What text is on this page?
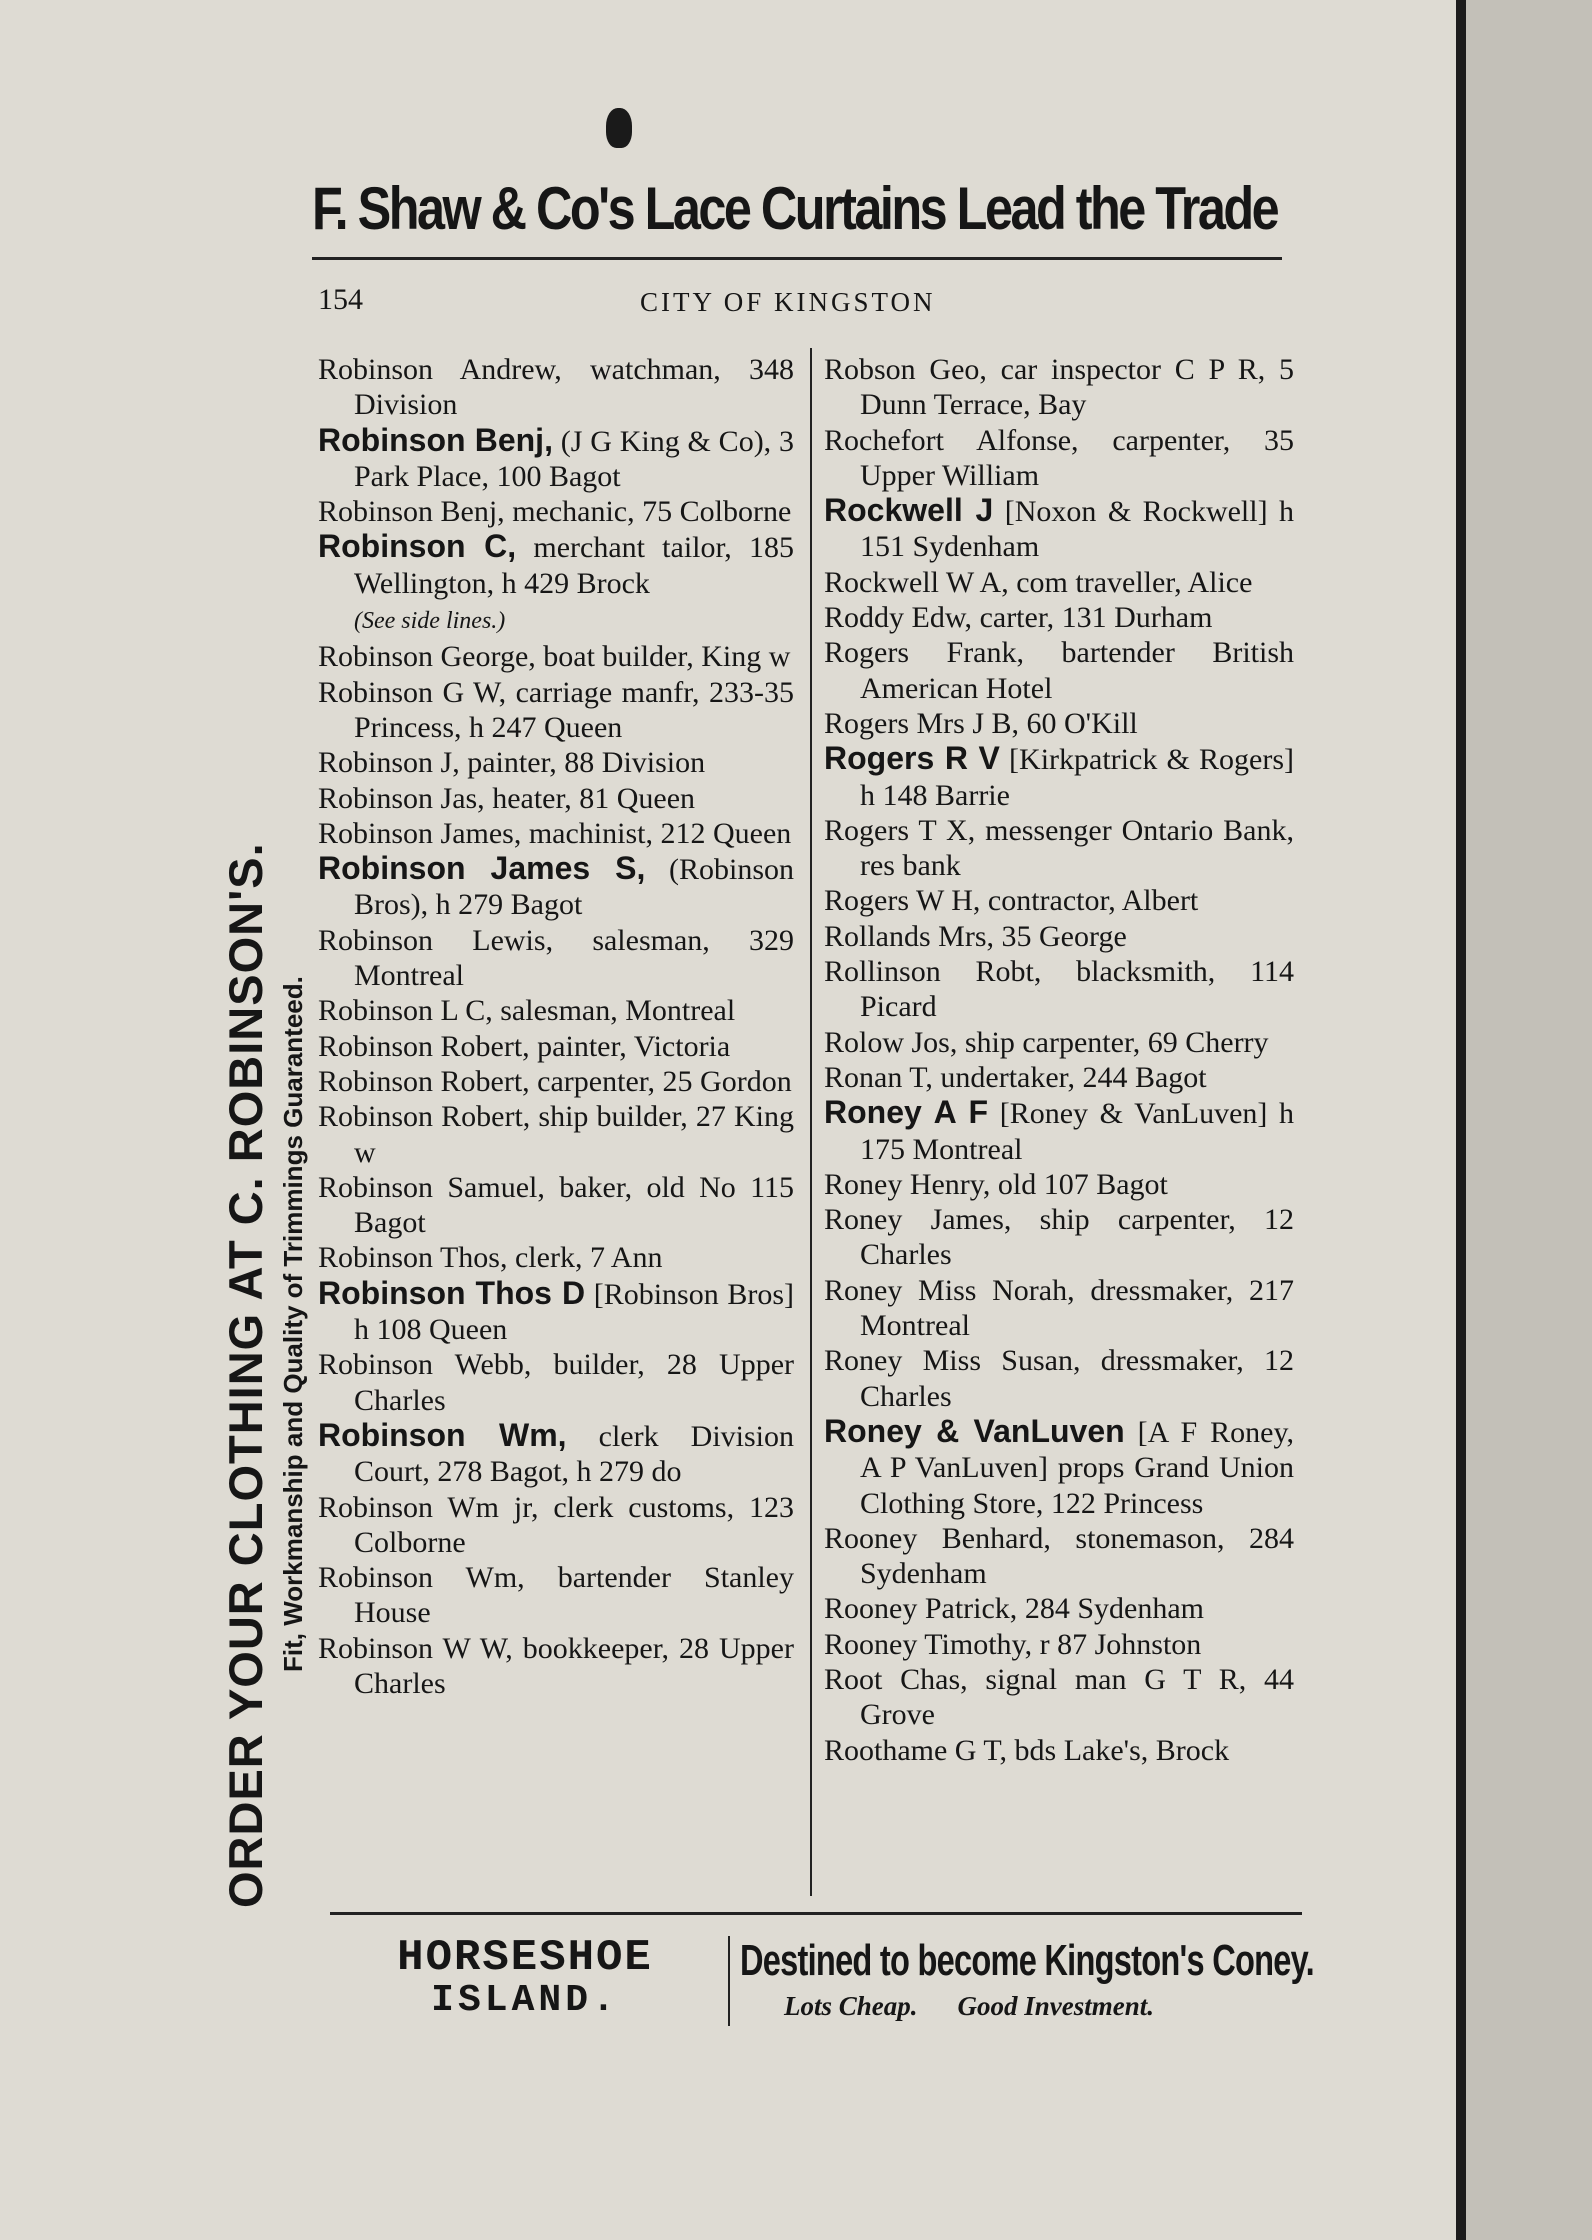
F. Shaw & Co's Lace Curtains Lead the Trade
154	CITY OF KINGSTON
ORDER YOUR CLOTHING AT C. ROBINSON'S. Fit, Workmanship and Quality of Trimmings Guaranteed.
Robinson Andrew, watchman, 348 Division
Robinson Benj, (J G King & Co), 3 Park Place, 100 Bagot
Robinson Benj, mechanic, 75 Colborne
Robinson C, merchant tailor, 185 Wellington, h 429 Brock
(See side lines.)
Robinson George, boat builder, King w
Robinson G W, carriage manfr, 233-35 Princess, h 247 Queen
Robinson J, painter, 88 Division
Robinson Jas, heater, 81 Queen
Robinson James, machinist, 212 Queen
Robinson James S, (Robinson Bros), h 279 Bagot
Robinson Lewis, salesman, 329 Montreal
Robinson L C, salesman, Montreal
Robinson Robert, painter, Victoria
Robinson Robert, carpenter, 25 Gordon
Robinson Robert, ship builder, 27 King w
Robinson Samuel, baker, old No 115 Bagot
Robinson Thos, clerk, 7 Ann
Robinson Thos D [Robinson Bros] h 108 Queen
Robinson Webb, builder, 28 Upper Charles
Robinson Wm, clerk Division Court, 278 Bagot, h 279 do
Robinson Wm jr, clerk customs, 123 Colborne
Robinson Wm, bartender Stanley House
Robinson W W, bookkeeper, 28 Upper Charles
Robson Geo, car inspector C P R, 5 Dunn Terrace, Bay
Rochefort Alfonse, carpenter, 35 Upper William
Rockwell J [Noxon & Rockwell] h 151 Sydenham
Rockwell W A, com traveller, Alice
Roddy Edw, carter, 131 Durham
Rogers Frank, bartender British American Hotel
Rogers Mrs J B, 60 O'Kill
Rogers R V [Kirkpatrick & Rogers] h 148 Barrie
Rogers T X, messenger Ontario Bank, res bank
Rogers W H, contractor, Albert
Rollands Mrs, 35 George
Rollinson Robt, blacksmith, 114 Picard
Rolow Jos, ship carpenter, 69 Cherry
Ronan T, undertaker, 244 Bagot
Roney A F [Roney & VanLuven] h 175 Montreal
Roney Henry, old 107 Bagot
Roney James, ship carpenter, 12 Charles
Roney Miss Norah, dressmaker, 217 Montreal
Roney Miss Susan, dressmaker, 12 Charles
Roney & VanLuven [A F Roney, A P VanLuven] props Grand Union Clothing Store, 122 Princess
Rooney Benhard, stonemason, 284 Sydenham
Rooney Patrick, 284 Sydenham
Rooney Timothy, r 87 Johnston
Root Chas, signal man G T R, 44 Grove
Roothame G T, bds Lake's, Brock
HORSESHOE
ISLAND.
Destined to become Kingston's Coney.
Lots Cheap. Good Investment.
